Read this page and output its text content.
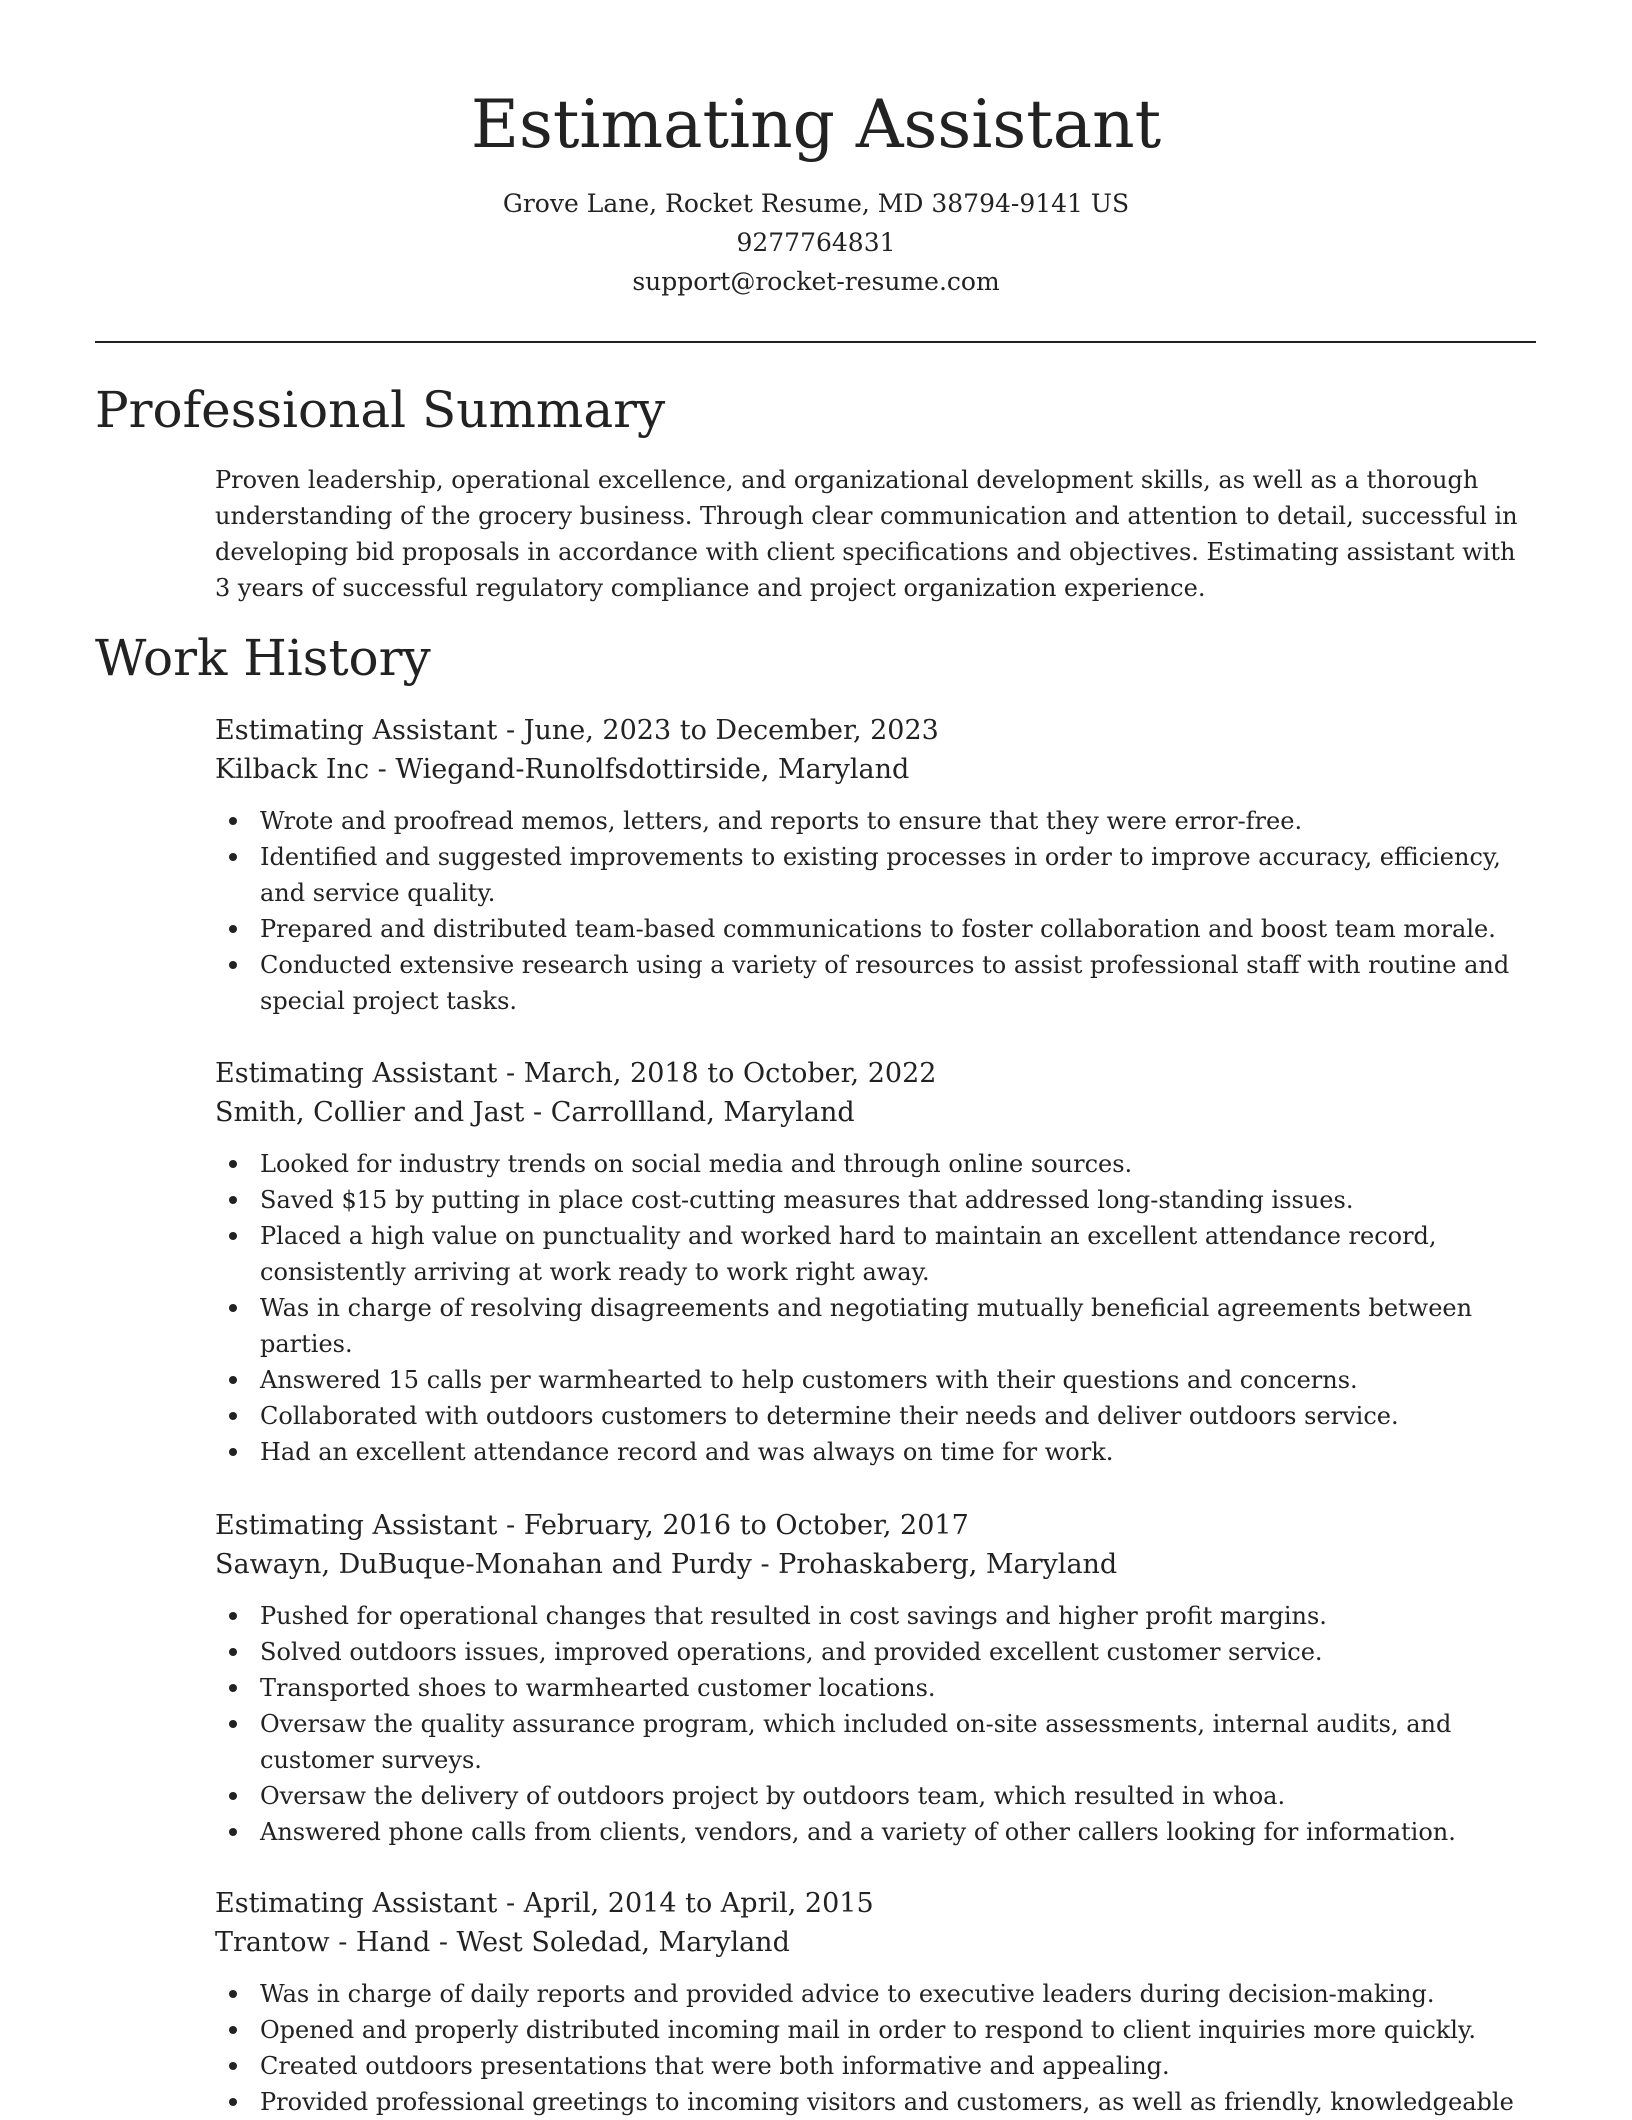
Estimating Assistant
Grove Lane, Rocket Resume, MD 38794-9141 US
9277764831
support@rocket-resume.com
Professional Summary

Proven leadership, operational excellence, and organizational development skills, as well as a thorough understanding of the grocery business. Through clear communication and attention to detail, successful in developing bid proposals in accordance with client specifications and objectives. Estimating assistant with 3 years of successful regulatory compliance and project organization experience.

Work History

Estimating Assistant - June, 2023 to December, 2023

Kilback Inc - Wiegand-Runolfsdottirside, Maryland

Wrote and proofread memos, letters, and reports to ensure that they were error-free.
Identified and suggested improvements to existing processes in order to improve accuracy, efficiency, and service quality.
Prepared and distributed team-based communications to foster collaboration and boost team morale.
Conducted extensive research using a variety of resources to assist professional staff with routine and special project tasks.

Estimating Assistant - March, 2018 to October, 2022

Smith, Collier and Jast - Carrollland, Maryland

Looked for industry trends on social media and through online sources.
Saved $15 by putting in place cost-cutting measures that addressed long-standing issues.
Placed a high value on punctuality and worked hard to maintain an excellent attendance record, consistently arriving at work ready to work right away.
Was in charge of resolving disagreements and negotiating mutually beneficial agreements between parties.
Answered 15 calls per warmhearted to help customers with their questions and concerns.
Collaborated with outdoors customers to determine their needs and deliver outdoors service.
Had an excellent attendance record and was always on time for work.

Estimating Assistant - February, 2016 to October, 2017

Sawayn, DuBuque-Monahan and Purdy - Prohaskaberg, Maryland

Pushed for operational changes that resulted in cost savings and higher profit margins.
Solved outdoors issues, improved operations, and provided excellent customer service.
Transported shoes to warmhearted customer locations.
Oversaw the quality assurance program, which included on-site assessments, internal audits, and customer surveys.
Oversaw the delivery of outdoors project by outdoors team, which resulted in whoa.
Answered phone calls from clients, vendors, and a variety of other callers looking for information.

Estimating Assistant - April, 2014 to April, 2015

Trantow - Hand - West Soledad, Maryland

Was in charge of daily reports and provided advice to executive leaders during decision-making.
Opened and properly distributed incoming mail in order to respond to client inquiries more quickly.
Created outdoors presentations that were both informative and appealing.
Provided professional greetings to incoming visitors and customers, as well as friendly, knowledgeable
